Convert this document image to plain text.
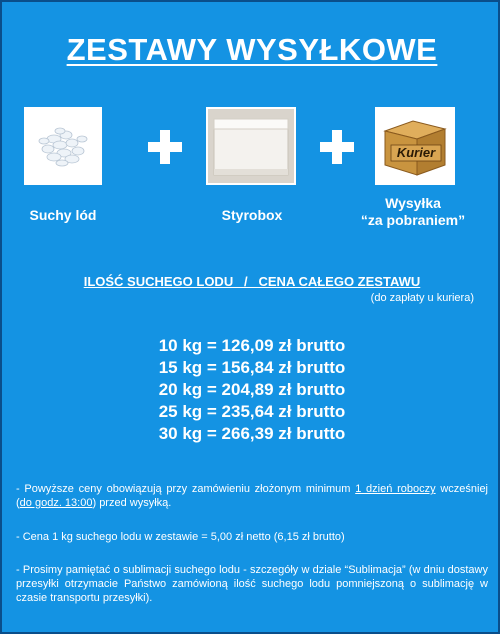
ZESTAWY WYSYŁKOWE
Kurier
Suchy lód	Styrobox
Wysyłka
“za pobraniem”
ILOŚĆ SUCHEGO LODU   /   CENA CAŁEGO ZESTAWU
(do zapłaty u kuriera)
10 kg = 126,09 zł brutto
15 kg = 156,84 zł brutto
20 kg = 204,89 zł brutto
25 kg = 235,64 zł brutto
30 kg = 266,39 zł brutto
- Powyższe ceny obowiązują przy zamówieniu złożonym minimum 1 dzień roboczy wcześniej (do godz. 13:00) przed wysyłką.
- Cena 1 kg suchego lodu w zestawie = 5,00 zł netto (6,15 zł brutto)
- Prosimy pamiętać o sublimacji suchego lodu - szczegóły w dziale “Sublimacja” (w dniu dostawy przesyłki otrzymacie Państwo zamówioną ilość suchego lodu pomniejszoną o sublimację w czasie transportu przesyłki).
